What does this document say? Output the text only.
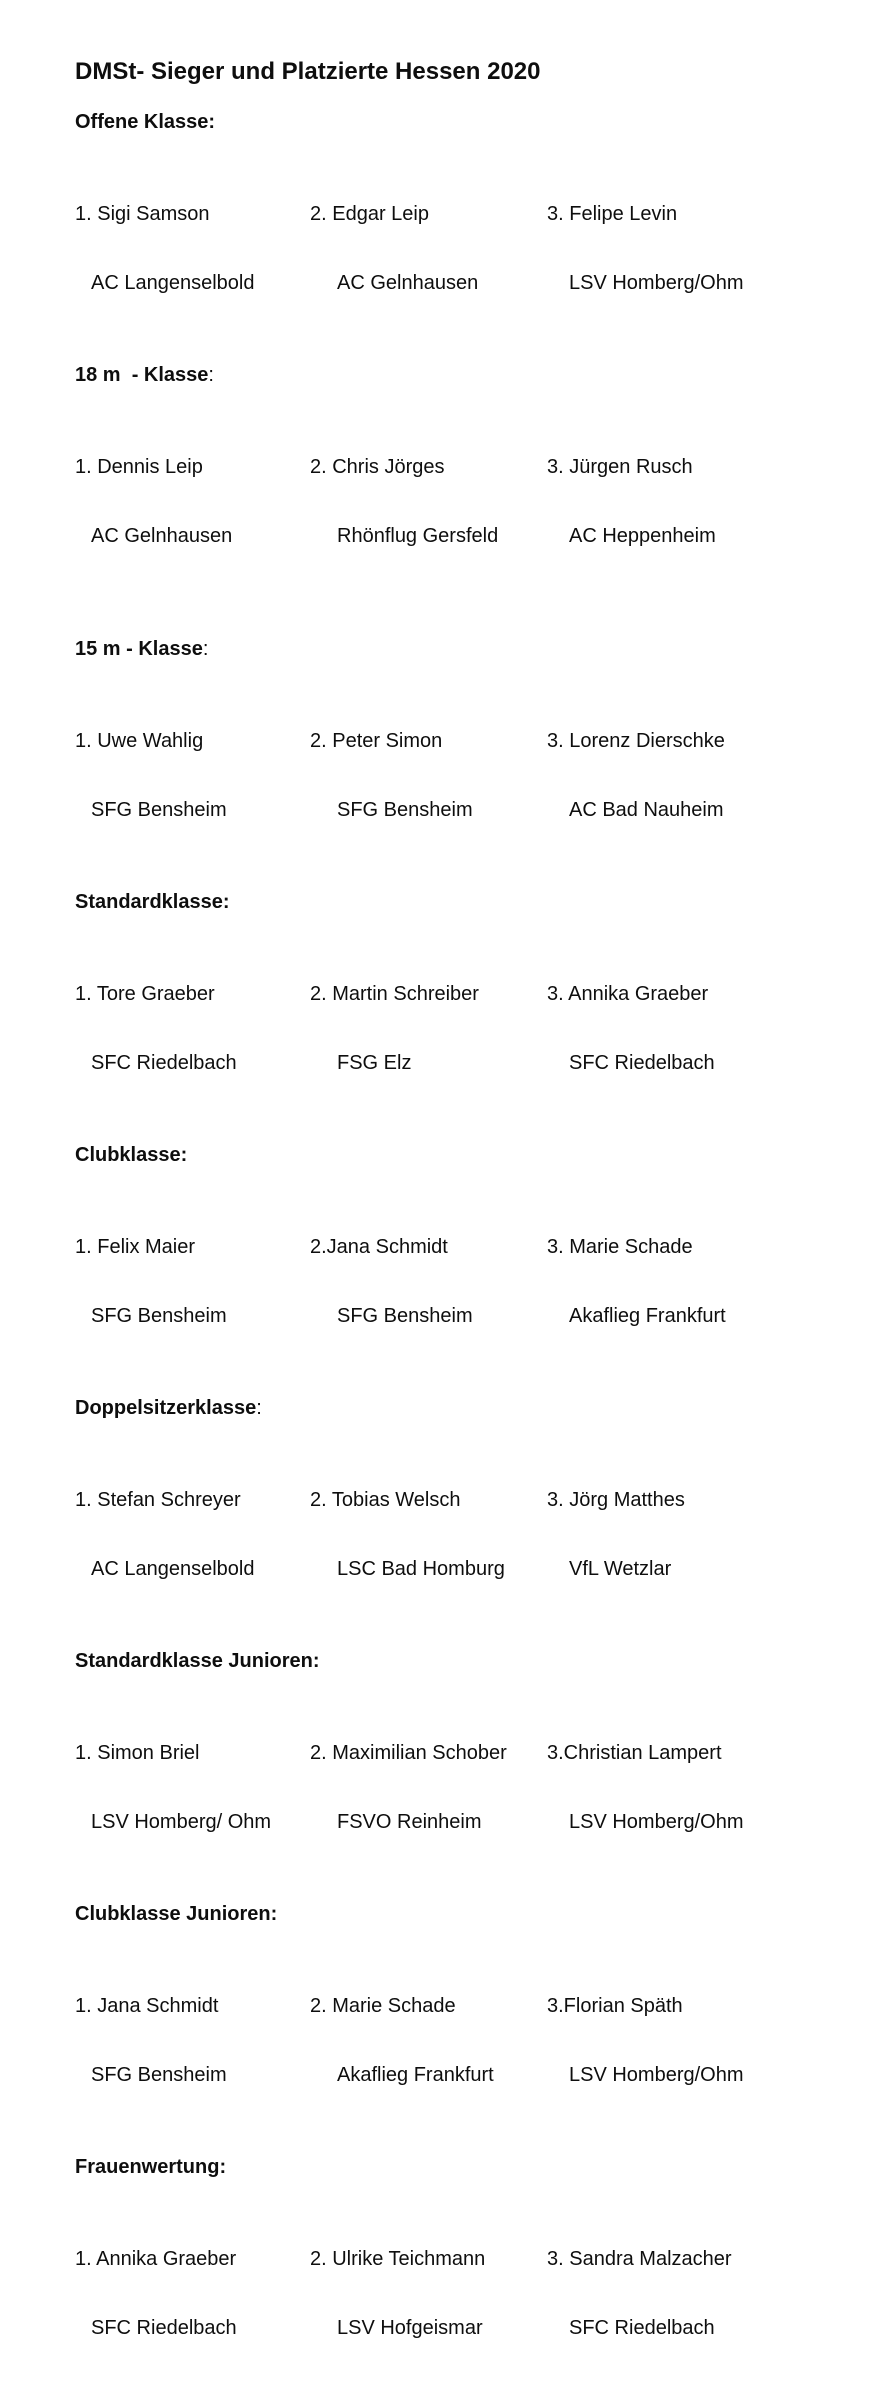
DMSt- Sieger und Platzierte Hessen 2020
Offene Klasse:

1. Sigi Samson

AC Langenselbold

2. Edgar Leip

AC Gelnhausen

3. Felipe Levin

LSV Homberg/Ohm

18 m  - Klasse:

1. Dennis Leip

AC Gelnhausen

2. Chris Jörges

Rhönflug Gersfeld

3. Jürgen Rusch

AC Heppenheim

15 m - Klasse:

1. Uwe Wahlig

SFG Bensheim

2. Peter Simon

SFG Bensheim

3. Lorenz Dierschke

AC Bad Nauheim

Standardklasse:

1. Tore Graeber

SFC Riedelbach

2. Martin Schreiber

FSG Elz

3. Annika Graeber

SFC Riedelbach

Clubklasse:

1. Felix Maier

SFG Bensheim

2.Jana Schmidt

SFG Bensheim

3. Marie Schade

Akaflieg Frankfurt

Doppelsitzerklasse:

1. Stefan Schreyer

AC Langenselbold

2. Tobias Welsch

LSC Bad Homburg

3. Jörg Matthes

VfL Wetzlar

Standardklasse Junioren:

1. Simon Briel

LSV Homberg/ Ohm

2. Maximilian Schober

FSVO Reinheim

3.Christian Lampert

LSV Homberg/Ohm

Clubklasse Junioren:

1. Jana Schmidt

SFG Bensheim

2. Marie Schade

Akaflieg Frankfurt

3.Florian Späth

LSV Homberg/Ohm

Frauenwertung:

1. Annika Graeber

SFC Riedelbach

2. Ulrike Teichmann

LSV Hofgeismar

3. Sandra Malzacher

SFC Riedelbach
